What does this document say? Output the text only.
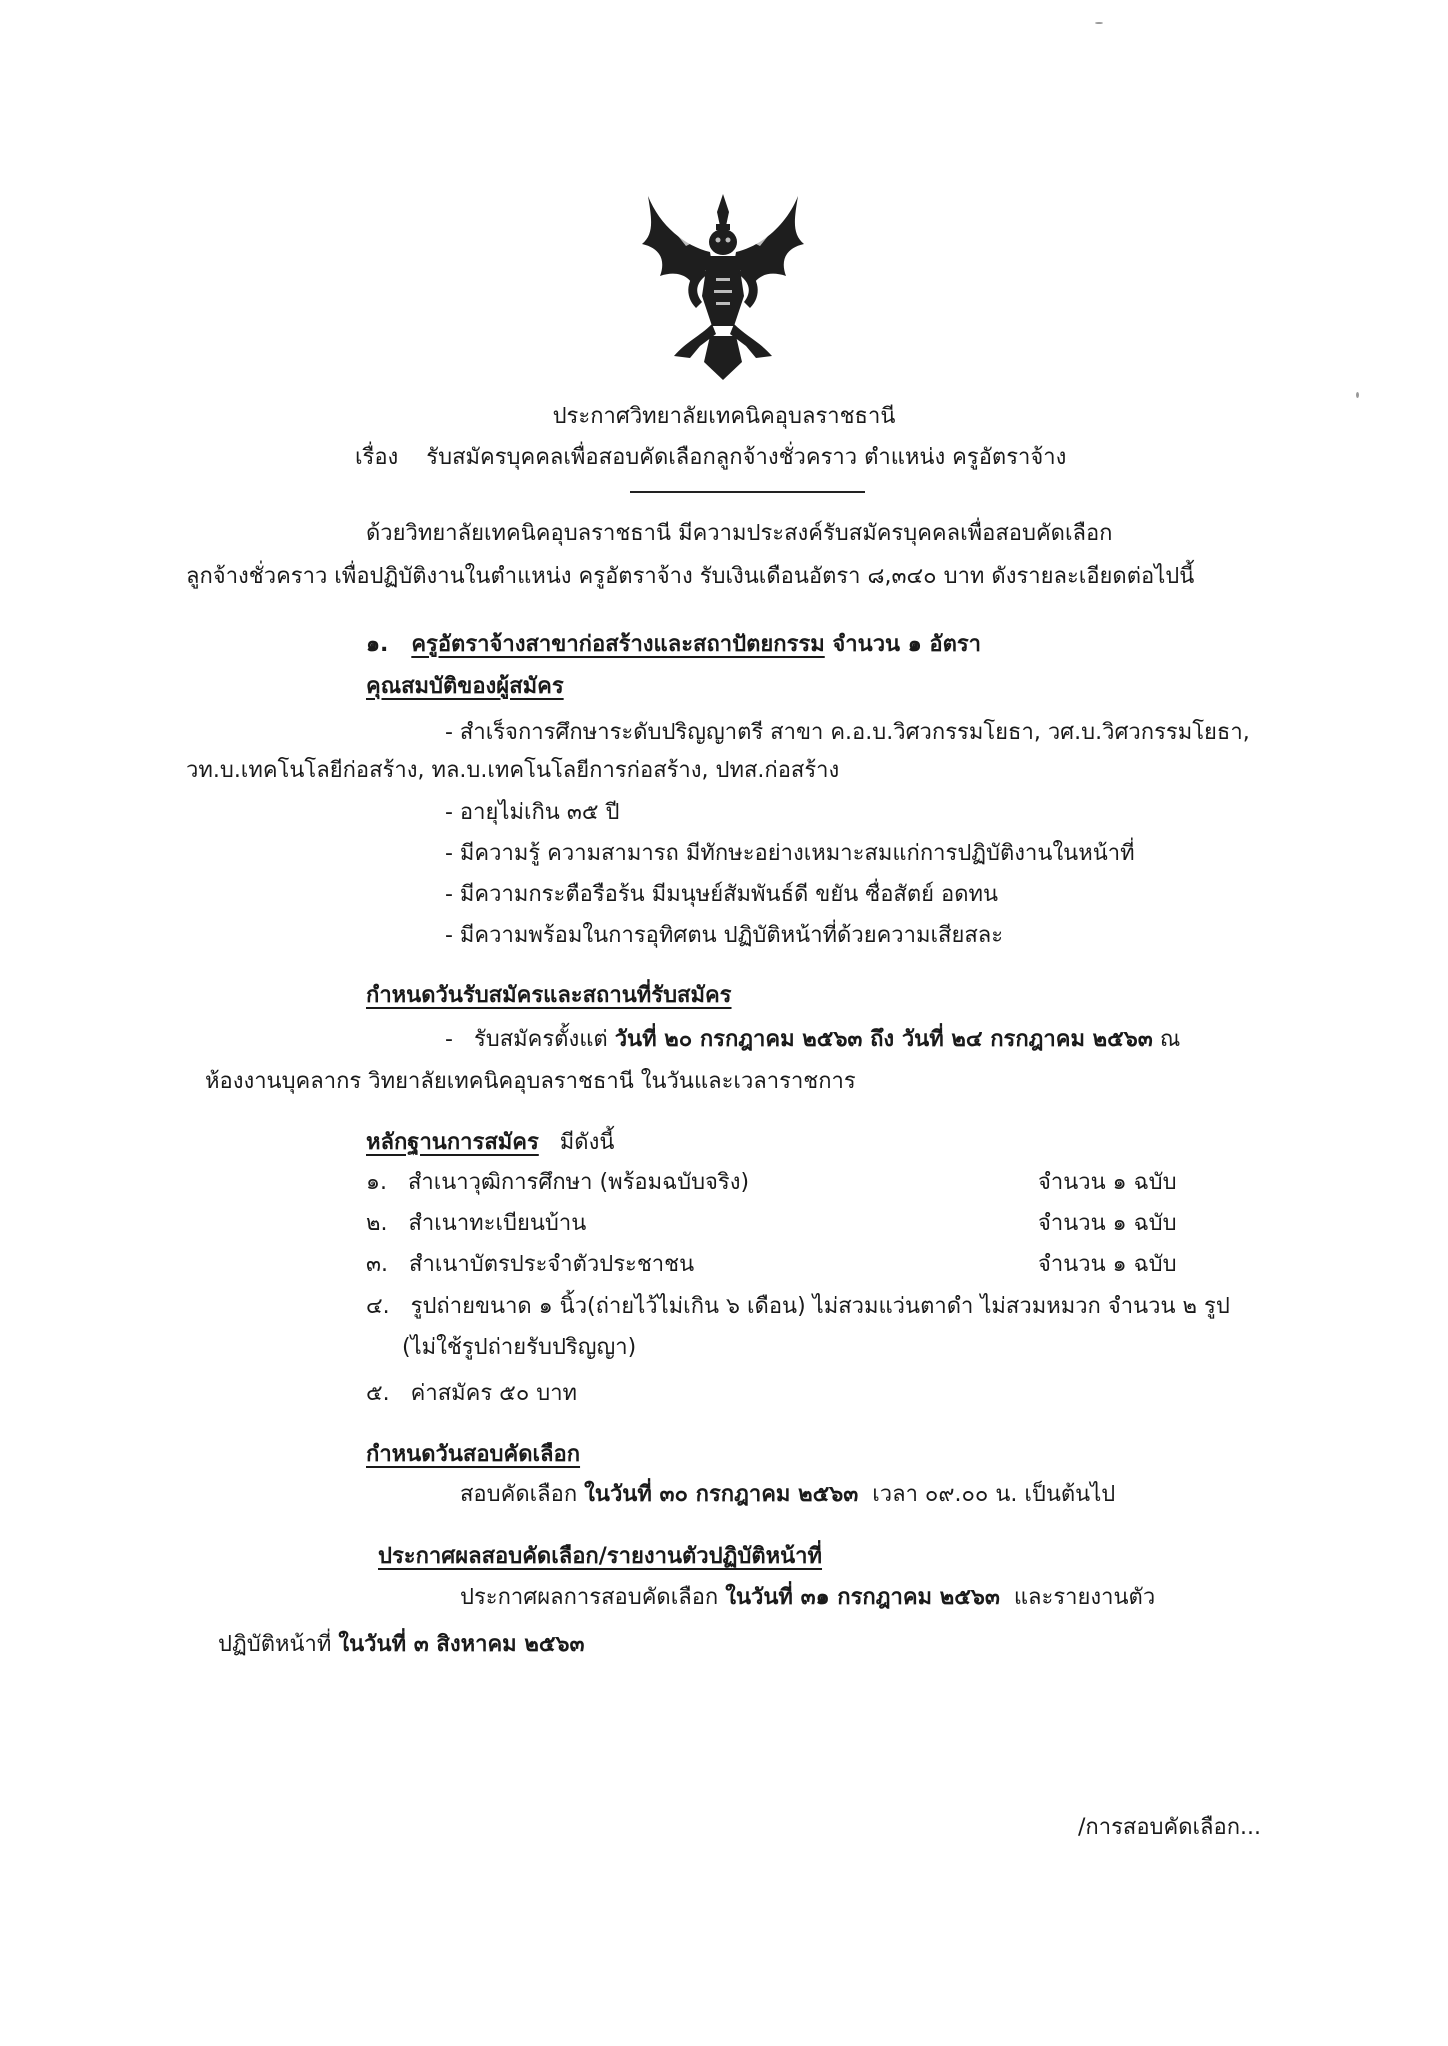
ประกาศวิทยาลัยเทคนิคอุบลราชธานี
เรื่อง รับสมัครบุคคลเพื่อสอบคัดเลือกลูกจ้างชั่วคราว ตำแหน่ง ครูอัตราจ้าง
ด้วยวิทยาลัยเทคนิคอุบลราชธานี มีความประสงค์รับสมัครบุคคลเพื่อสอบคัดเลือก
ลูกจ้างชั่วคราว เพื่อปฏิบัติงานในตำแหน่ง ครูอัตราจ้าง รับเงินเดือนอัตรา ๘,๓๔๐ บาท ดังรายละเอียดต่อไปนี้
๑. ครูอัตราจ้างสาขาก่อสร้างและสถาปัตยกรรม จำนวน ๑ อัตรา
คุณสมบัติของผู้สมัคร
- สำเร็จการศึกษาระดับปริญญาตรี สาขา ค.อ.บ.วิศวกรรมโยธา, วศ.บ.วิศวกรรมโยธา,
วท.บ.เทคโนโลยีก่อสร้าง, ทล.บ.เทคโนโลยีการก่อสร้าง, ปทส.ก่อสร้าง
- อายุไม่เกิน ๓๕ ปี
- มีความรู้ ความสามารถ มีทักษะอย่างเหมาะสมแก่การปฏิบัติงานในหน้าที่
- มีความกระตือรือร้น มีมนุษย์สัมพันธ์ดี ขยัน ซื่อสัตย์ อดทน
- มีความพร้อมในการอุทิศตน ปฏิบัติหน้าที่ด้วยความเสียสละ
กำหนดวันรับสมัครและสถานที่รับสมัคร
- รับสมัครตั้งแต่ วันที่ ๒๐ กรกฎาคม ๒๕๖๓ ถึง วันที่ ๒๔ กรกฎาคม ๒๕๖๓ ณ
ห้องงานบุคลากร วิทยาลัยเทคนิคอุบลราชธานี ในวันและเวลาราชการ
หลักฐานการสมัคร มีดังนี้
๑. สำเนาวุฒิการศึกษา (พร้อมฉบับจริง)	จำนวน ๑ ฉบับ
๒. สำเนาทะเบียนบ้าน	จำนวน ๑ ฉบับ
๓. สำเนาบัตรประจำตัวประชาชน	จำนวน ๑ ฉบับ
๔. รูปถ่ายขนาด ๑ นิ้ว(ถ่ายไว้ไม่เกิน ๖ เดือน) ไม่สวมแว่นตาดำ ไม่สวมหมวก จำนวน ๒ รูป
(ไม่ใช้รูปถ่ายรับปริญญา)
๕. ค่าสมัคร ๕๐ บาท
กำหนดวันสอบคัดเลือก
สอบคัดเลือก ในวันที่ ๓๐ กรกฎาคม ๒๕๖๓ เวลา ๐๙.๐๐ น. เป็นต้นไป
ประกาศผลสอบคัดเลือก/รายงานตัวปฏิบัติหน้าที่
ประกาศผลการสอบคัดเลือก ในวันที่ ๓๑ กรกฎาคม ๒๕๖๓ และรายงานตัว
ปฏิบัติหน้าที่ ในวันที่ ๓ สิงหาคม ๒๕๖๓
/การสอบคัดเลือก...
